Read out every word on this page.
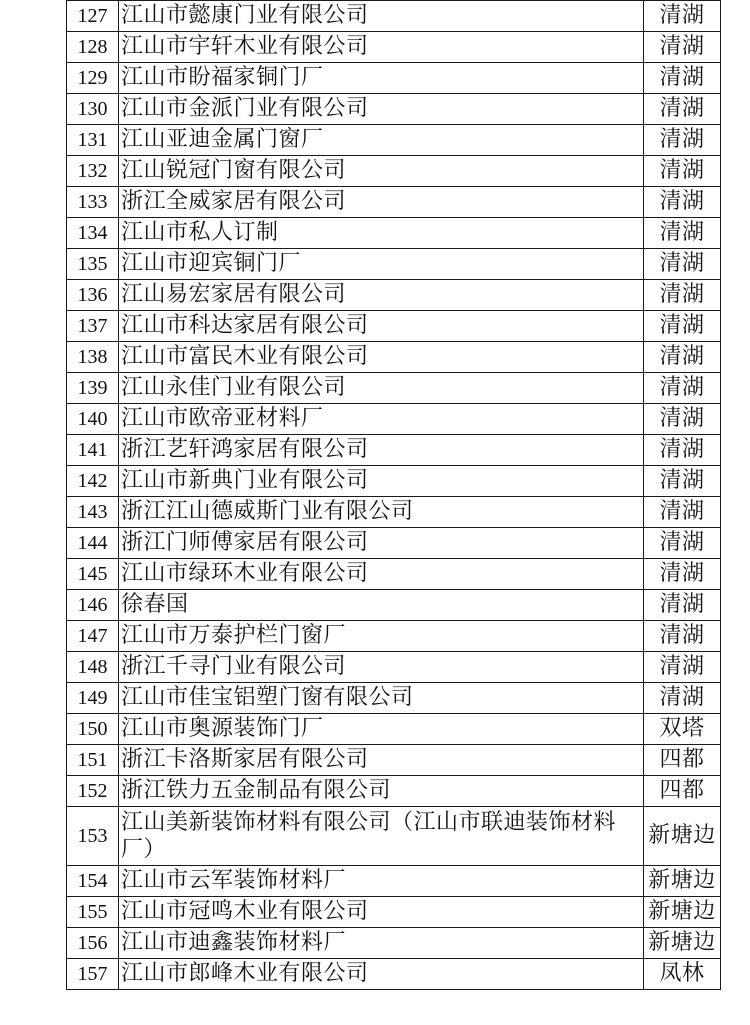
127	江山市懿康门业有限公司	清湖
128	江山市宇轩木业有限公司	清湖
129	江山市盼福家铜门厂	清湖
130	江山市金派门业有限公司	清湖
131	江山亚迪金属门窗厂	清湖
132	江山锐冠门窗有限公司	清湖
133	浙江全威家居有限公司	清湖
134	江山市私人订制	清湖
135	江山市迎宾铜门厂	清湖
136	江山易宏家居有限公司	清湖
137	江山市科达家居有限公司	清湖
138	江山市富民木业有限公司	清湖
139	江山永佳门业有限公司	清湖
140	江山市欧帝亚材料厂	清湖
141	浙江艺轩鸿家居有限公司	清湖
142	江山市新典门业有限公司	清湖
143	浙江江山德威斯门业有限公司	清湖
144	浙江门师傅家居有限公司	清湖
145	江山市绿环木业有限公司	清湖
146	徐春国	清湖
147	江山市万泰护栏门窗厂	清湖
148	浙江千寻门业有限公司	清湖
149	江山市佳宝铝塑门窗有限公司	清湖
150	江山市奥源装饰门厂	双塔
151	浙江卡洛斯家居有限公司	四都
152	浙江铁力五金制品有限公司	四都
153	江山美新装饰材料有限公司（江山市联迪装饰材料厂）	新塘边
154	江山市云军装饰材料厂	新塘边
155	江山市冠鸣木业有限公司	新塘边
156	江山市迪鑫装饰材料厂	新塘边
157	江山市郎峰木业有限公司	凤林
